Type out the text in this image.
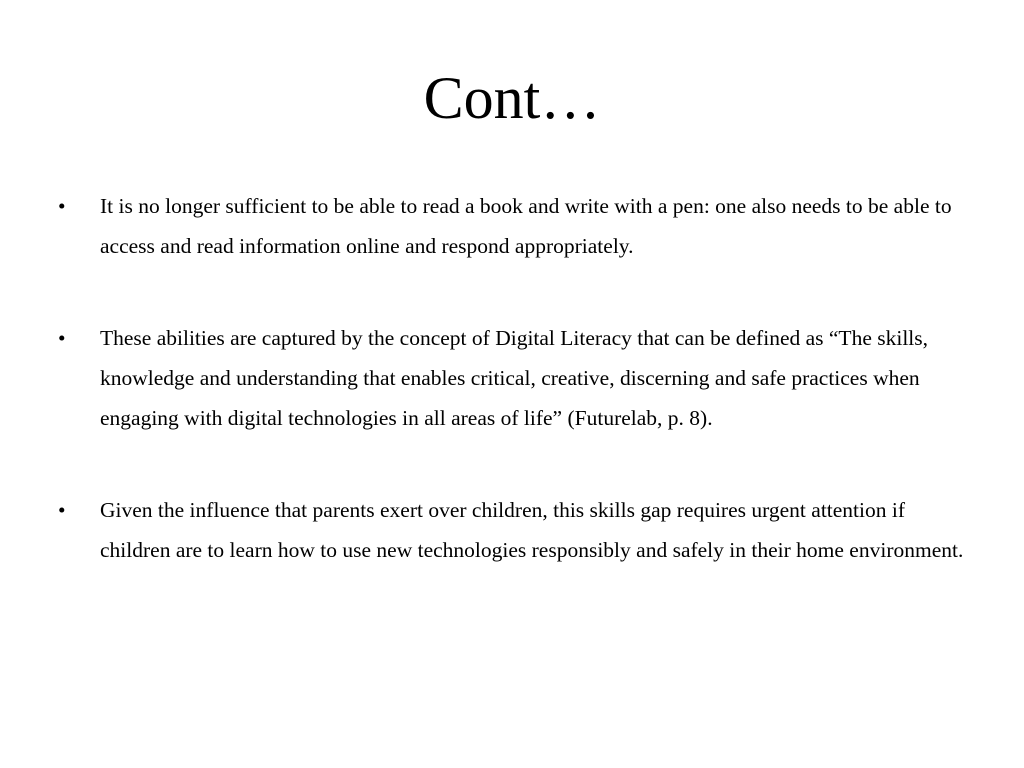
Cont…
•	It is no longer sufficient to be able to read a book and write with a pen: one also needs to be able to access and read information online and respond appropriately.
•	These abilities are captured by the concept of Digital Literacy that can be defined as “The skills, knowledge and understanding that enables critical, creative, discerning and safe practices when engaging with digital technologies in all areas of life” (Futurelab, p. 8).
•	Given the influence that parents exert over children, this skills gap requires urgent attention if children are to learn how to use new technologies responsibly and safely in their home environment.
